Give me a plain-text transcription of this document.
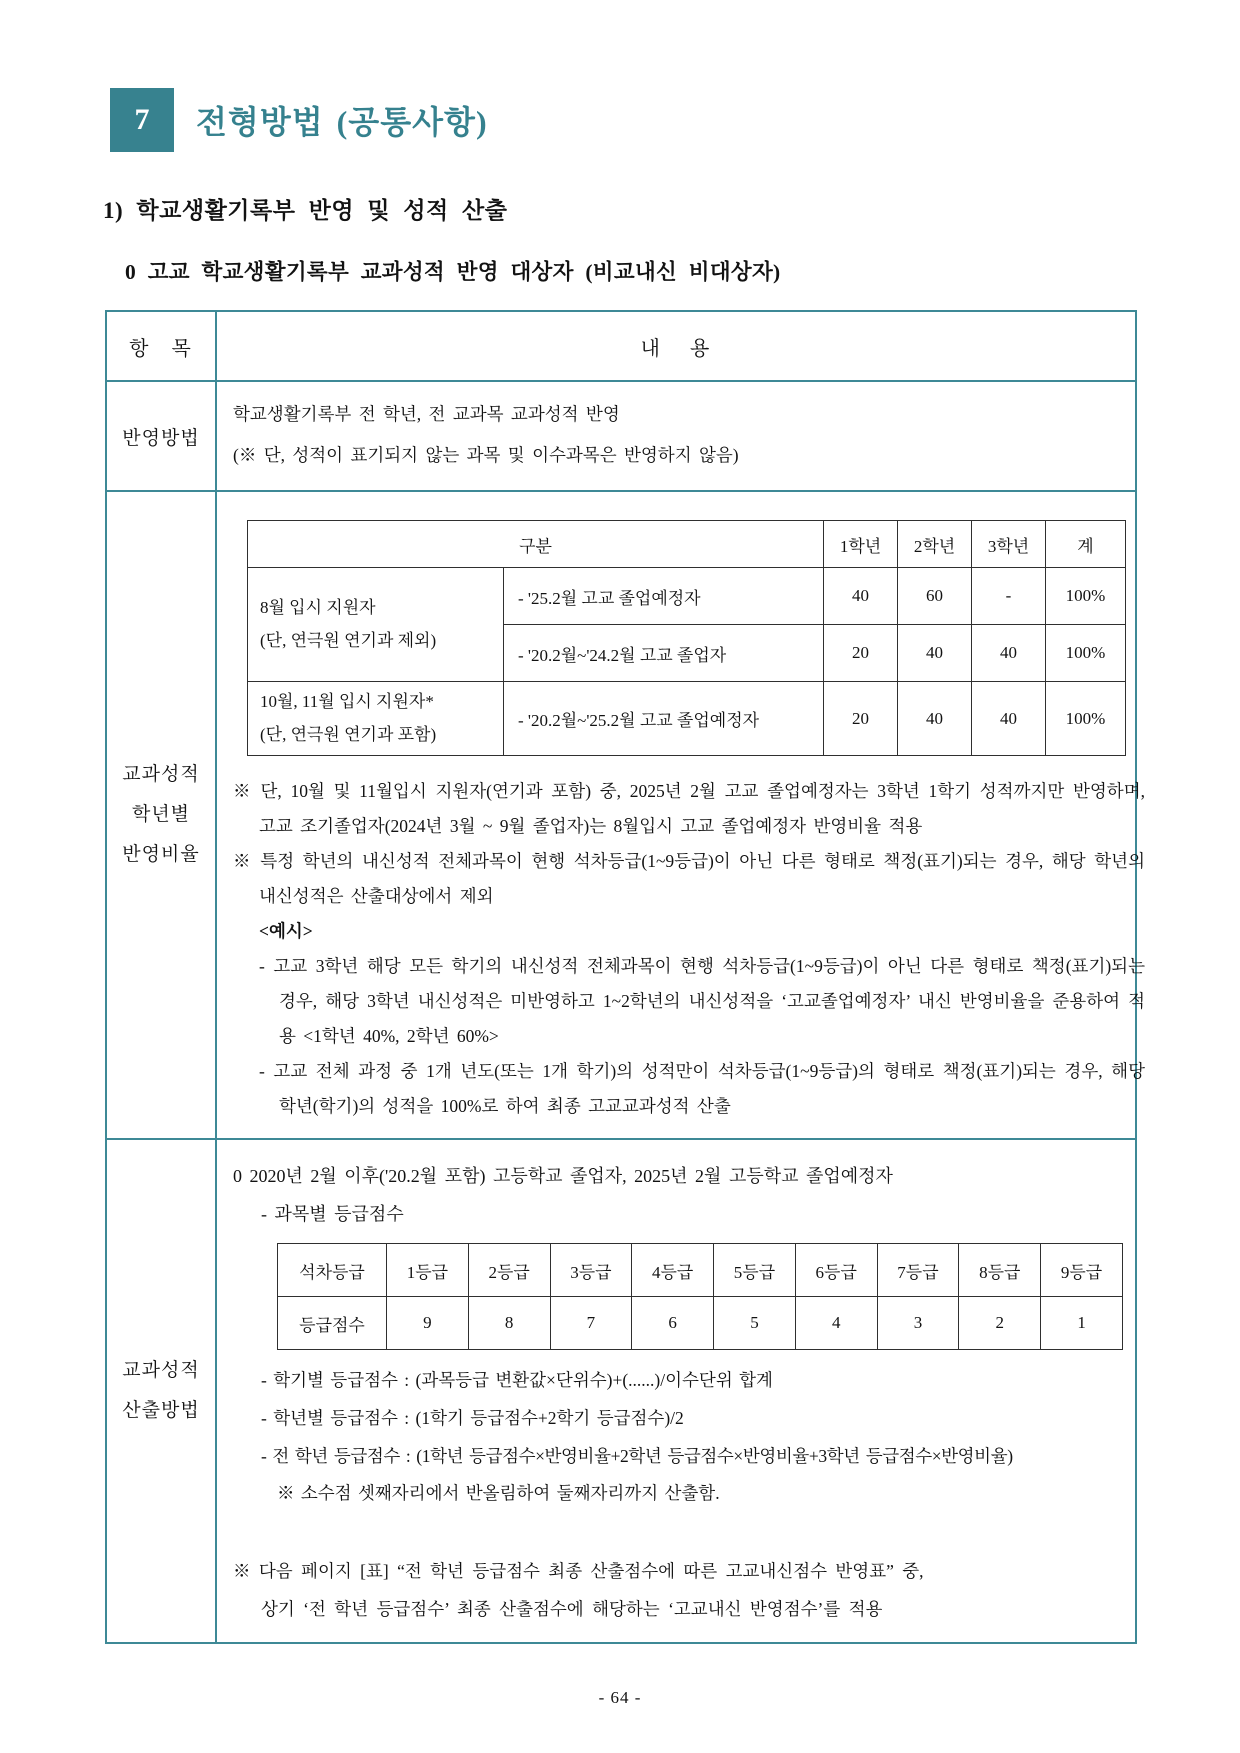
7 전형방법 (공통사항)
1) 학교생활기록부 반영 및 성적 산출
0 고교 학교생활기록부 교과성적 반영 대상자 (비교내신 비대상자)
항   목	내    용
반영방법	
학교생활기록부 전 학년, 전 교과목 교과성적 반영
(※ 단, 성적이 표기되지 않는 과목 및 이수과목은 반영하지 않음)

교과성적
학년별
반영비율

구분	1학년	2학년	3학년	계

8월 입시 지원자
(단, 연극원 연기과 제외)
	- '25.2월 고교 졸업예정자	40	60	-	100%
- '20.2월~'24.2월 고교 졸업자	20	40	40	100%

10월, 11월 입시 지원자*
(단, 연극원 연기과 포함)
	- '20.2월~'25.2월 고교 졸업예정자	20	40	40	100%
※ 단, 10월 및 11월입시 지원자(연기과 포함) 중, 2025년 2월 고교 졸업예정자는 3학년 1학기 성적까지만 반영하며, 고교 조기졸업자(2024년 3월 ~ 9월 졸업자)는 8월입시 고교 졸업예정자 반영비율 적용
※ 특정 학년의 내신성적 전체과목이 현행 석차등급(1~9등급)이 아닌 다른 형태로 책정(표기)되는 경우, 해당 학년의 내신성적은 산출대상에서 제외
<예시>
- 고교 3학년 해당 모든 학기의 내신성적 전체과목이 현행 석차등급(1~9등급)이 아닌 다른 형태로 책정(표기)되는 경우, 해당 3학년 내신성적은 미반영하고 1~2학년의 내신성적을 ‘고교졸업예정자’ 내신 반영비율을 준용하여 적용 <1학년 40%, 2학년 60%>
- 고교 전체 과정 중 1개 년도(또는 1개 학기)의 성적만이 석차등급(1~9등급)의 형태로 책정(표기)되는 경우, 해당 학년(학기)의 성적을 100%로 하여 최종 고교교과성적 산출

교과성적
산출방법

0 2020년 2월 이후('20.2월 포함) 고등학교 졸업자, 2025년 2월 고등학교 졸업예정자
- 과목별 등급점수
석차등급	1등급	2등급	3등급	4등급	5등급	6등급	7등급	8등급	9등급
등급점수	9	8	7	6	5	4	3	2	1
- 학기별 등급점수 : (과목등급 변환값×단위수)+(......)/이수단위 합계
- 학년별 등급점수 : (1학기 등급점수+2학기 등급점수)/2
- 전 학년 등급점수 : (1학년 등급점수×반영비율+2학년 등급점수×반영비율+3학년 등급점수×반영비율)
※ 소수점 셋째자리에서 반올림하여 둘째자리까지 산출함.
※ 다음 페이지 [표] “전 학년 등급점수 최종 산출점수에 따른 고교내신점수 반영표” 중,
상기 ‘전 학년 등급점수’ 최종 산출점수에 해당하는 ‘고교내신 반영점수’를 적용
- 64 -
